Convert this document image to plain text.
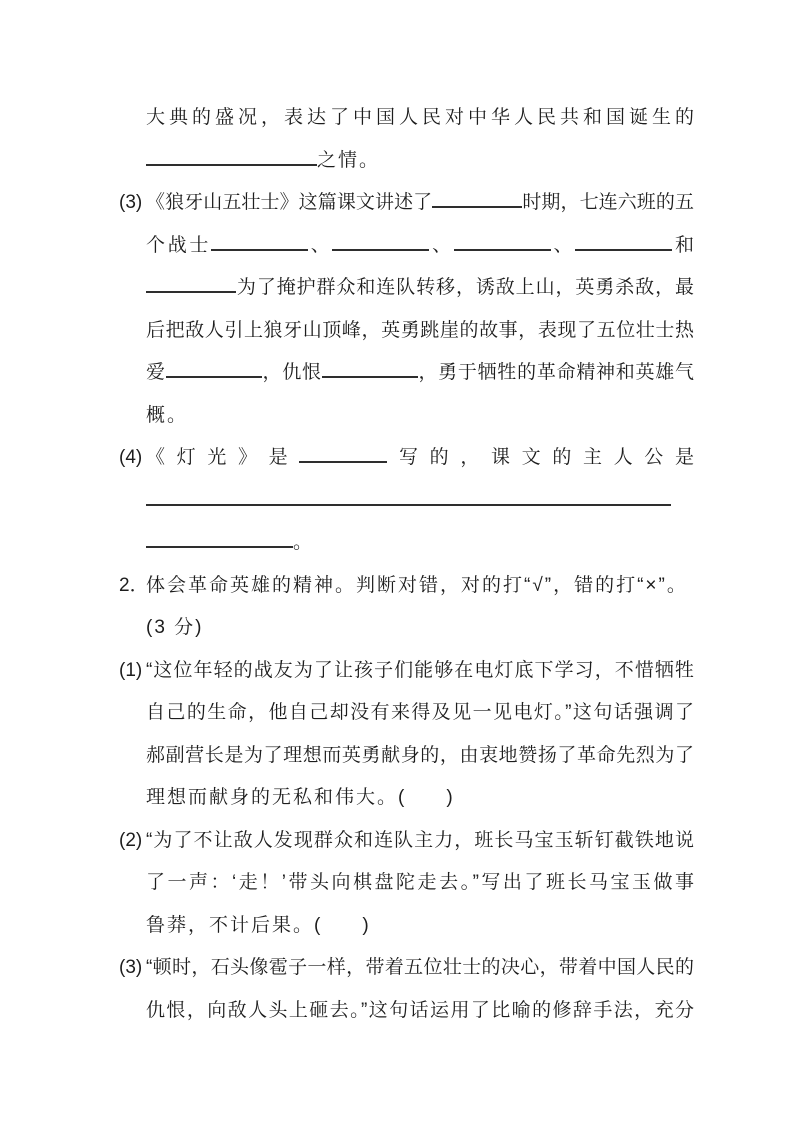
大典的盛况，表达了中国人民对中华人民共和国诞生的
之情。
(3) 《狼牙山五壮士》这篇课文讲述了	时期，七连六班的五
个战士	、	、	、	和
为了掩护群众和连队转移，诱敌上山，英勇杀敌，最
后把敌人引上狼牙山顶峰，英勇跳崖的故事，表现了五位壮士热
爱	，仇恨	，勇于牺牲的革命精神和英雄气
概。
(4) 《灯光》是	写的，课文的主人公是
。
2．
体会革命英雄的精神。判断对错，对的打“√”，错的打“×”。
(3 分)
(1) “这位年轻的战友为了让孩子们能够在电灯底下学习，不惜牺牲
自己的生命，他自己却没有来得及见一见电灯。”这句话强调了
郝副营长是为了理想而英勇献身的，由衷地赞扬了革命先烈为了
理想而献身的无私和伟大。( )
(2) “为了不让敌人发现群众和连队主力，班长马宝玉斩钉截铁地说
了一声：‘走！’带头向棋盘陀走去。”写出了班长马宝玉做事
鲁莽，不计后果。( )
(3) “顿时，石头像雹子一样，带着五位壮士的决心，带着中国人民的
仇恨，向敌人头上砸去。”这句话运用了比喻的修辞手法，充分
